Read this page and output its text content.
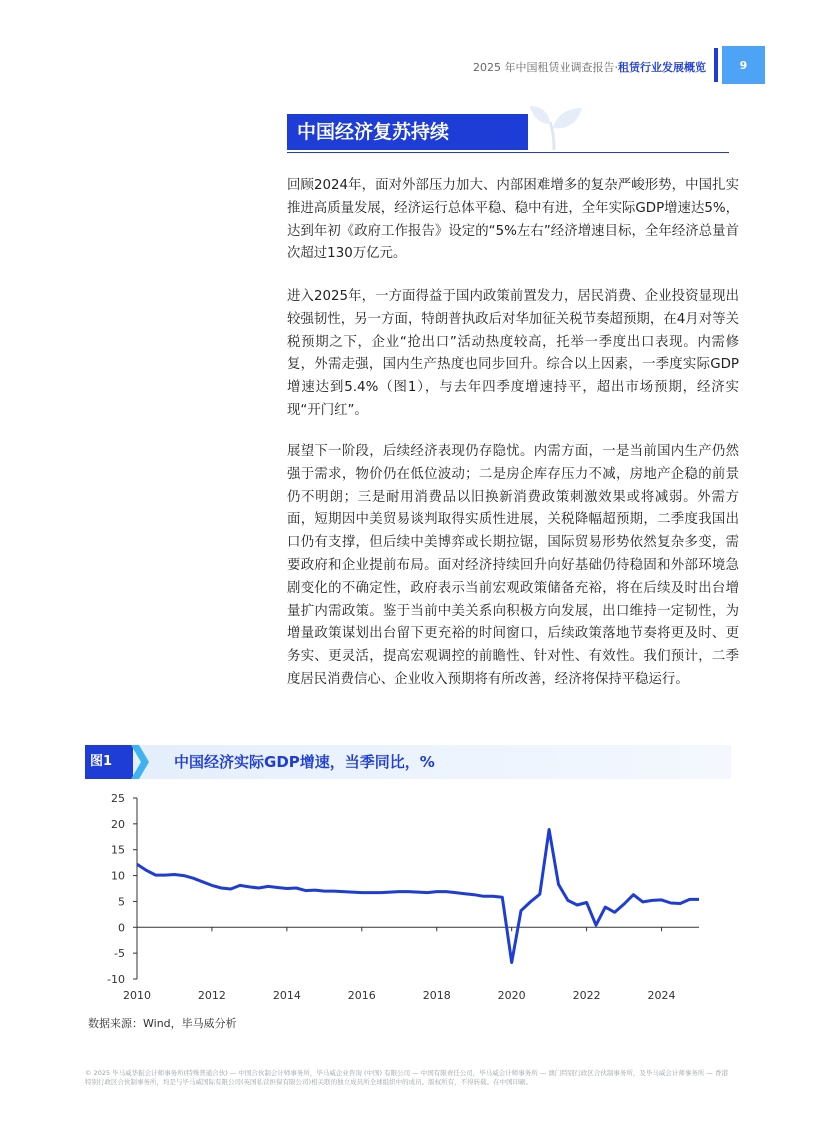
2025 年中国租赁业调查报告·租赁行业发展概览	9
中国经济复苏持续

回顾2024年，面对外部压力加大、内部困难增多的复杂严峻形势，中国扎实推进高质量发展，经济运行总体平稳、稳中有进，全年实际GDP增速达5%，达到年初《政府工作报告》设定的“5%左右”经济增速目标，全年经济总量首次超过130万亿元。

进入2025年，一方面得益于国内政策前置发力，居民消费、企业投资显现出较强韧性，另一方面，特朗普执政后对华加征关税节奏超预期，在4月对等关税预期之下，企业“抢出口”活动热度较高，托举一季度出口表现。内需修复，外需走强，国内生产热度也同步回升。综合以上因素，一季度实际GDP增速达到5.4%（图1），与去年四季度增速持平，超出市场预期，经济实现“开门红”。

展望下一阶段，后续经济表现仍存隐忧。内需方面，一是当前国内生产仍然强于需求，物价仍在低位波动；二是房企库存压力不减，房地产企稳的前景仍不明朗；三是耐用消费品以旧换新消费政策刺激效果或将减弱。外需方面，短期因中美贸易谈判取得实质性进展，关税降幅超预期，二季度我国出口仍有支撑，但后续中美博弈或长期拉锯，国际贸易形势依然复杂多变，需要政府和企业提前布局。面对经济持续回升向好基础仍待稳固和外部环境急剧变化的不确定性，政府表示当前宏观政策储备充裕，将在后续及时出台增量扩内需政策。鉴于当前中美关系向积极方向发展，出口维持一定韧性，为增量政策谋划出台留下更充裕的时间窗口，后续政策落地节奏将更及时、更务实、更灵活，提高宏观调控的前瞻性、针对性、有效性。我们预计，二季度居民消费信心、企业收入预期将有所改善，经济将保持平稳运行。

图1	中国经济实际GDP增速，当季同比，%
25
20
15
10
5
0
-5
-10
2010	2012	2014	2016	2018	2020	2022	2024
数据来源：Wind，毕马威分析
© 2025 毕马威华振会计师事务所(特殊普通合伙) — 中国合伙制会计师事务所，毕马威企业咨询 (中国) 有限公司 — 中国有限责任公司，毕马威会计师事务所 — 澳门特别行政区合伙制事务所，及毕马威会计师事务所 — 香港特别行政区合伙制事务所，均是与毕马威国际有限公司(英国私营担保有限公司)相关联的独立成员所全球组织中的成员。版权所有，不得转载。在中国印刷。
